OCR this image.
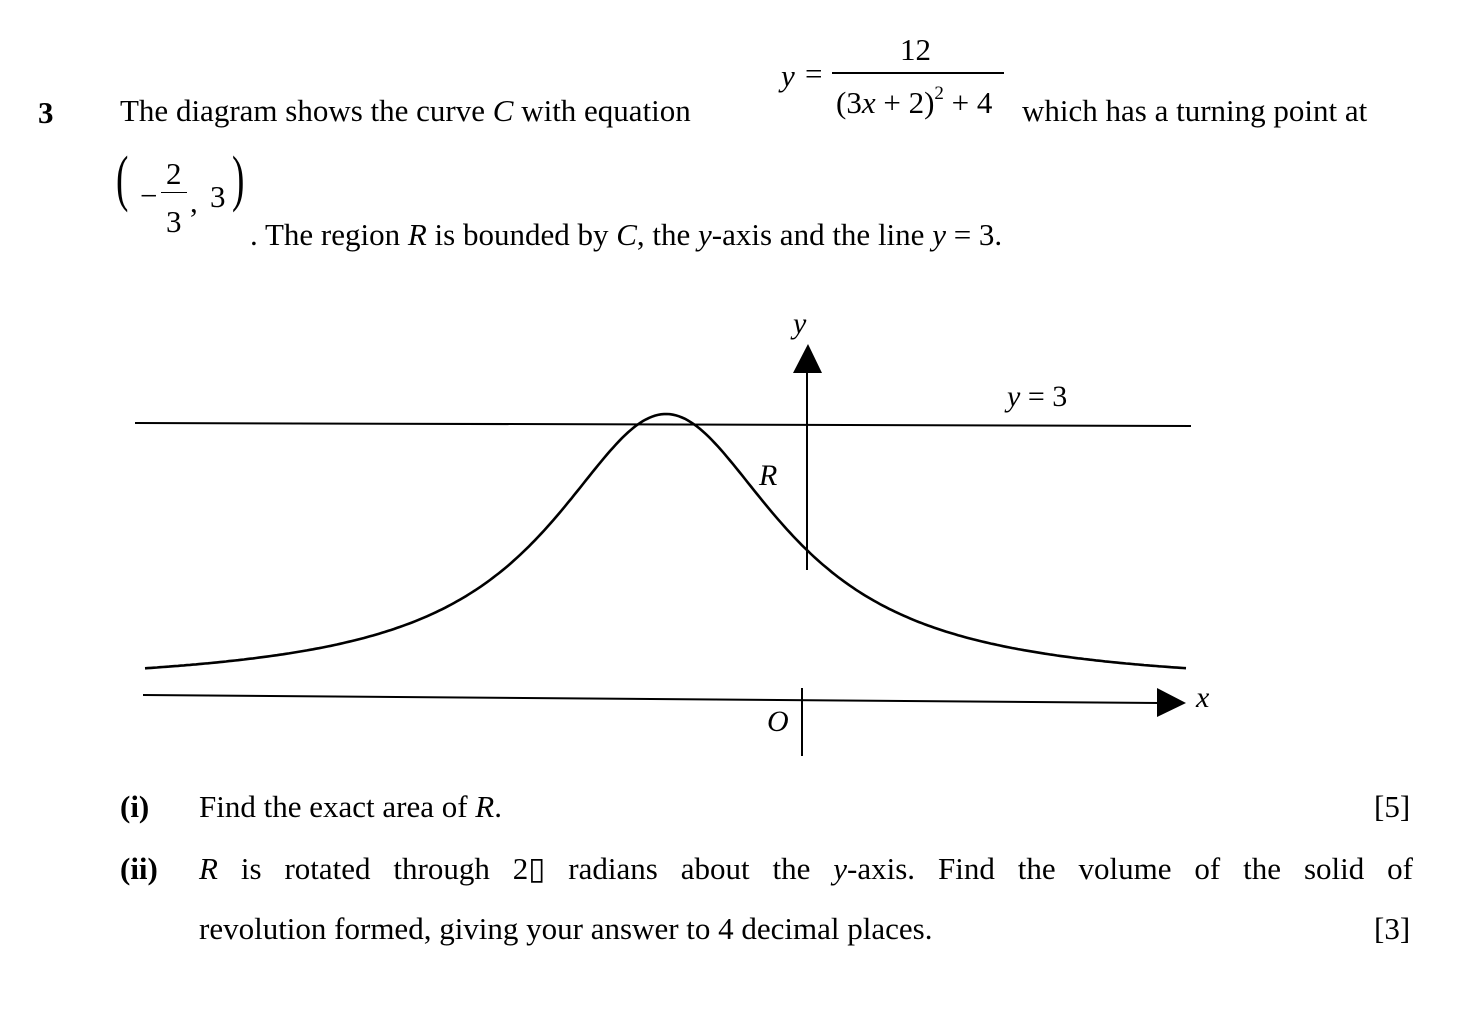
3 The diagram shows the curve C with equation
y =
12
$(3x + 2)^2 + 4$ which has a turning point at
( −
2
3
, 3 )
. The region R is bounded by C, the y-axis and the line y = 3.
y
x
O
R
y = 3
(i) Find the exact area of R.	[5]
(ii) R is rotated through 2▯ radians about the y-axis. Find the volume of the solid of
revolution formed, giving your answer to 4 decimal places.	[3]
